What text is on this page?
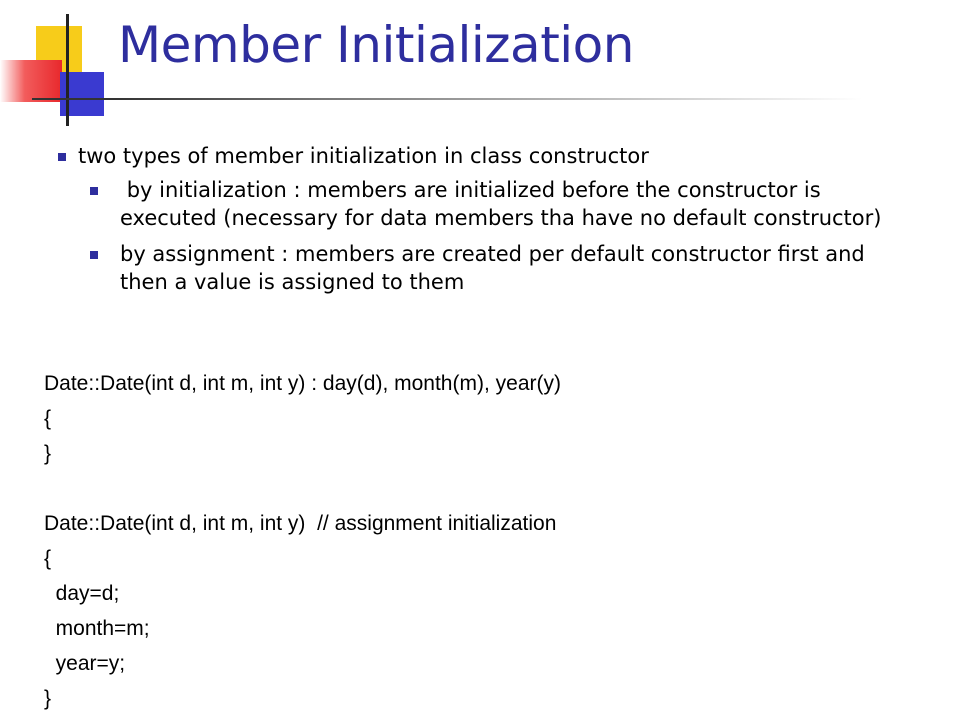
Member Initialization
two types of member initialization in class constructor
by initialization : members are initialized before the constructor is executed (necessary for data members tha have no default constructor)
by assignment : members are created per default constructor first and then a value is assigned to them
Date::Date(int d, int m, int y) : day(d), month(m), year(y)
{
}
Date::Date(int d, int m, int y)  // assignment initialization
{
day=d;
month=m;
year=y;
}
